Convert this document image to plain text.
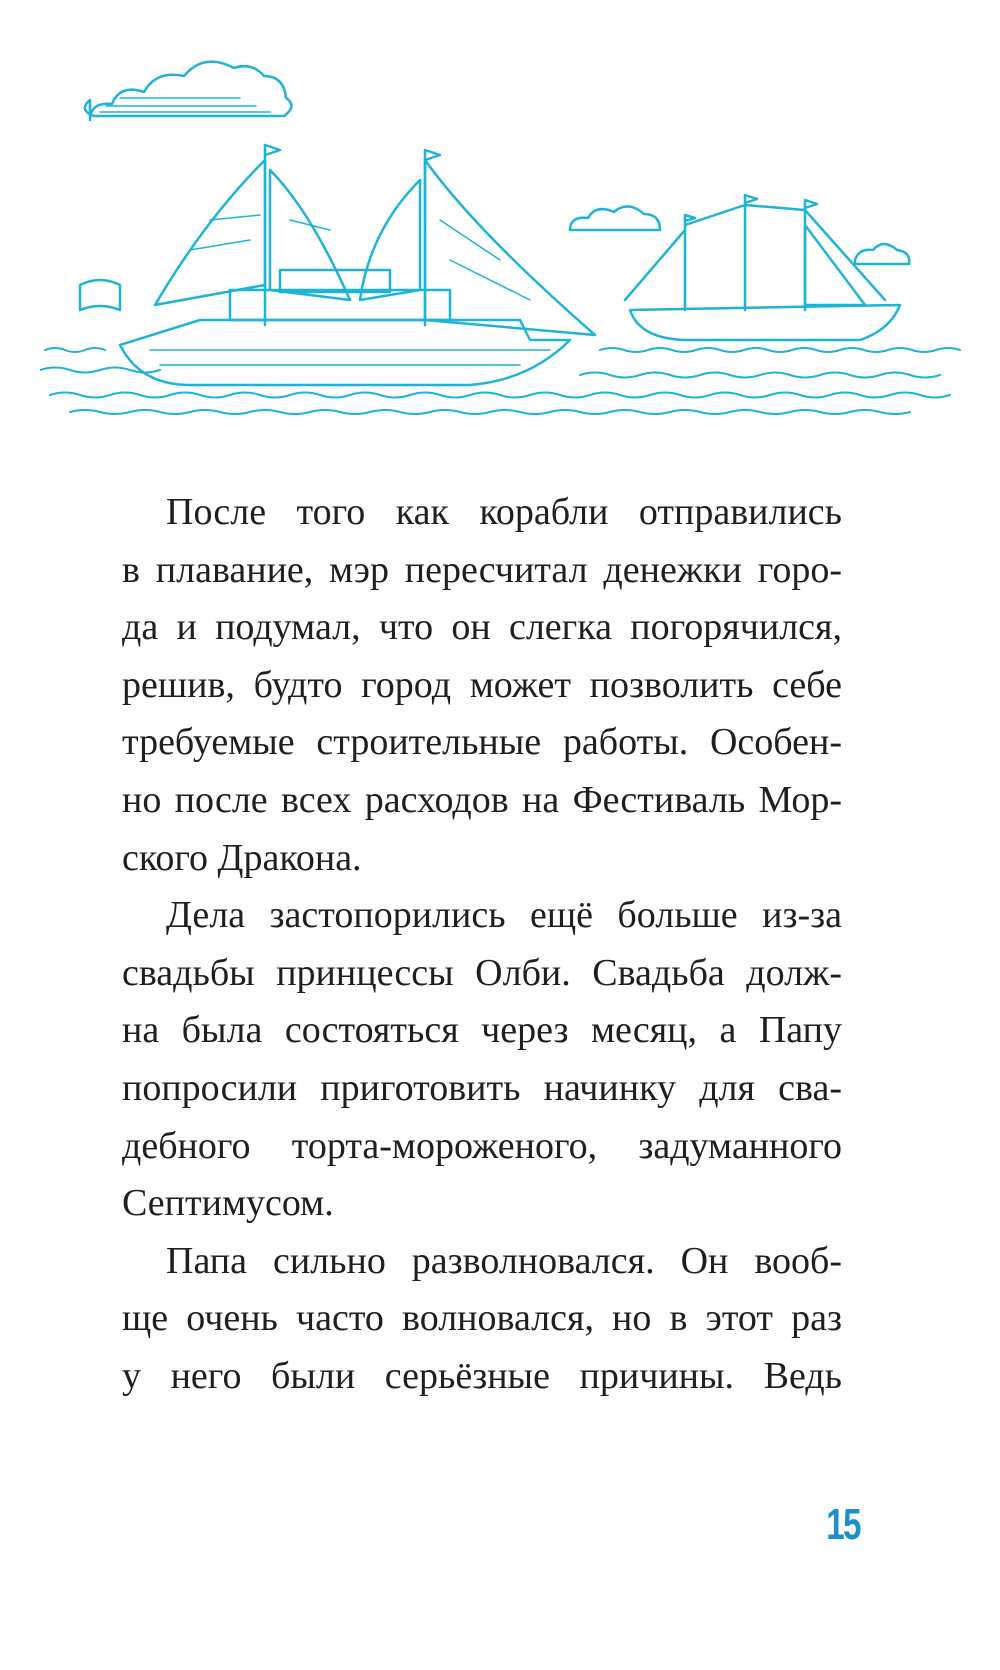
После того как корабли отправились
в плавание, мэр пересчитал денежки горо-
да и подумал, что он слегка погорячился,
решив, будто город может позволить себе
требуемые строительные работы. Особен-
но после всех расходов на Фестиваль Мор-
ского Дракона.

Дела застопорились ещё больше из-за
свадьбы принцессы Олби. Свадьба долж-
на была состояться через месяц, а Папу
попросили приготовить начинку для сва-
дебного торта-мороженого, задуманного
Септимусом.

Папа сильно разволновался. Он вооб-
ще очень часто волновался, но в этот раз
у него были серьёзные причины. Ведь

15
